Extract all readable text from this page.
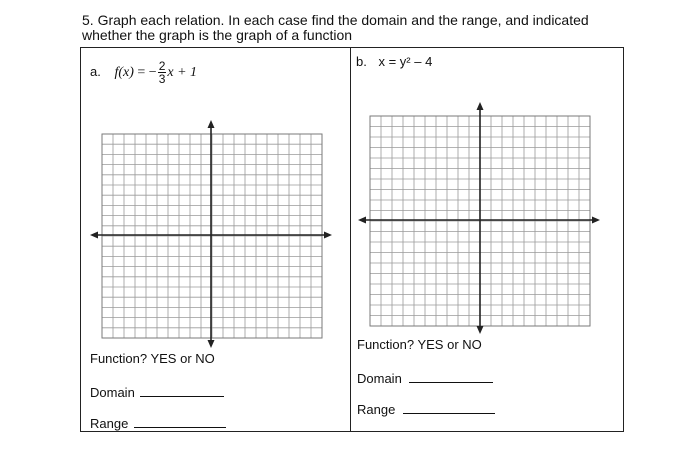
5. Graph each relation. In each case find the domain and the range, and indicated
whether the graph is the graph of a function
a. f(x) = − $\frac{2}{3}$ x + 1
b. x = y² – 4
Function? YES or NO
Domain
Range
Function? YES or NO
Domain
Range
